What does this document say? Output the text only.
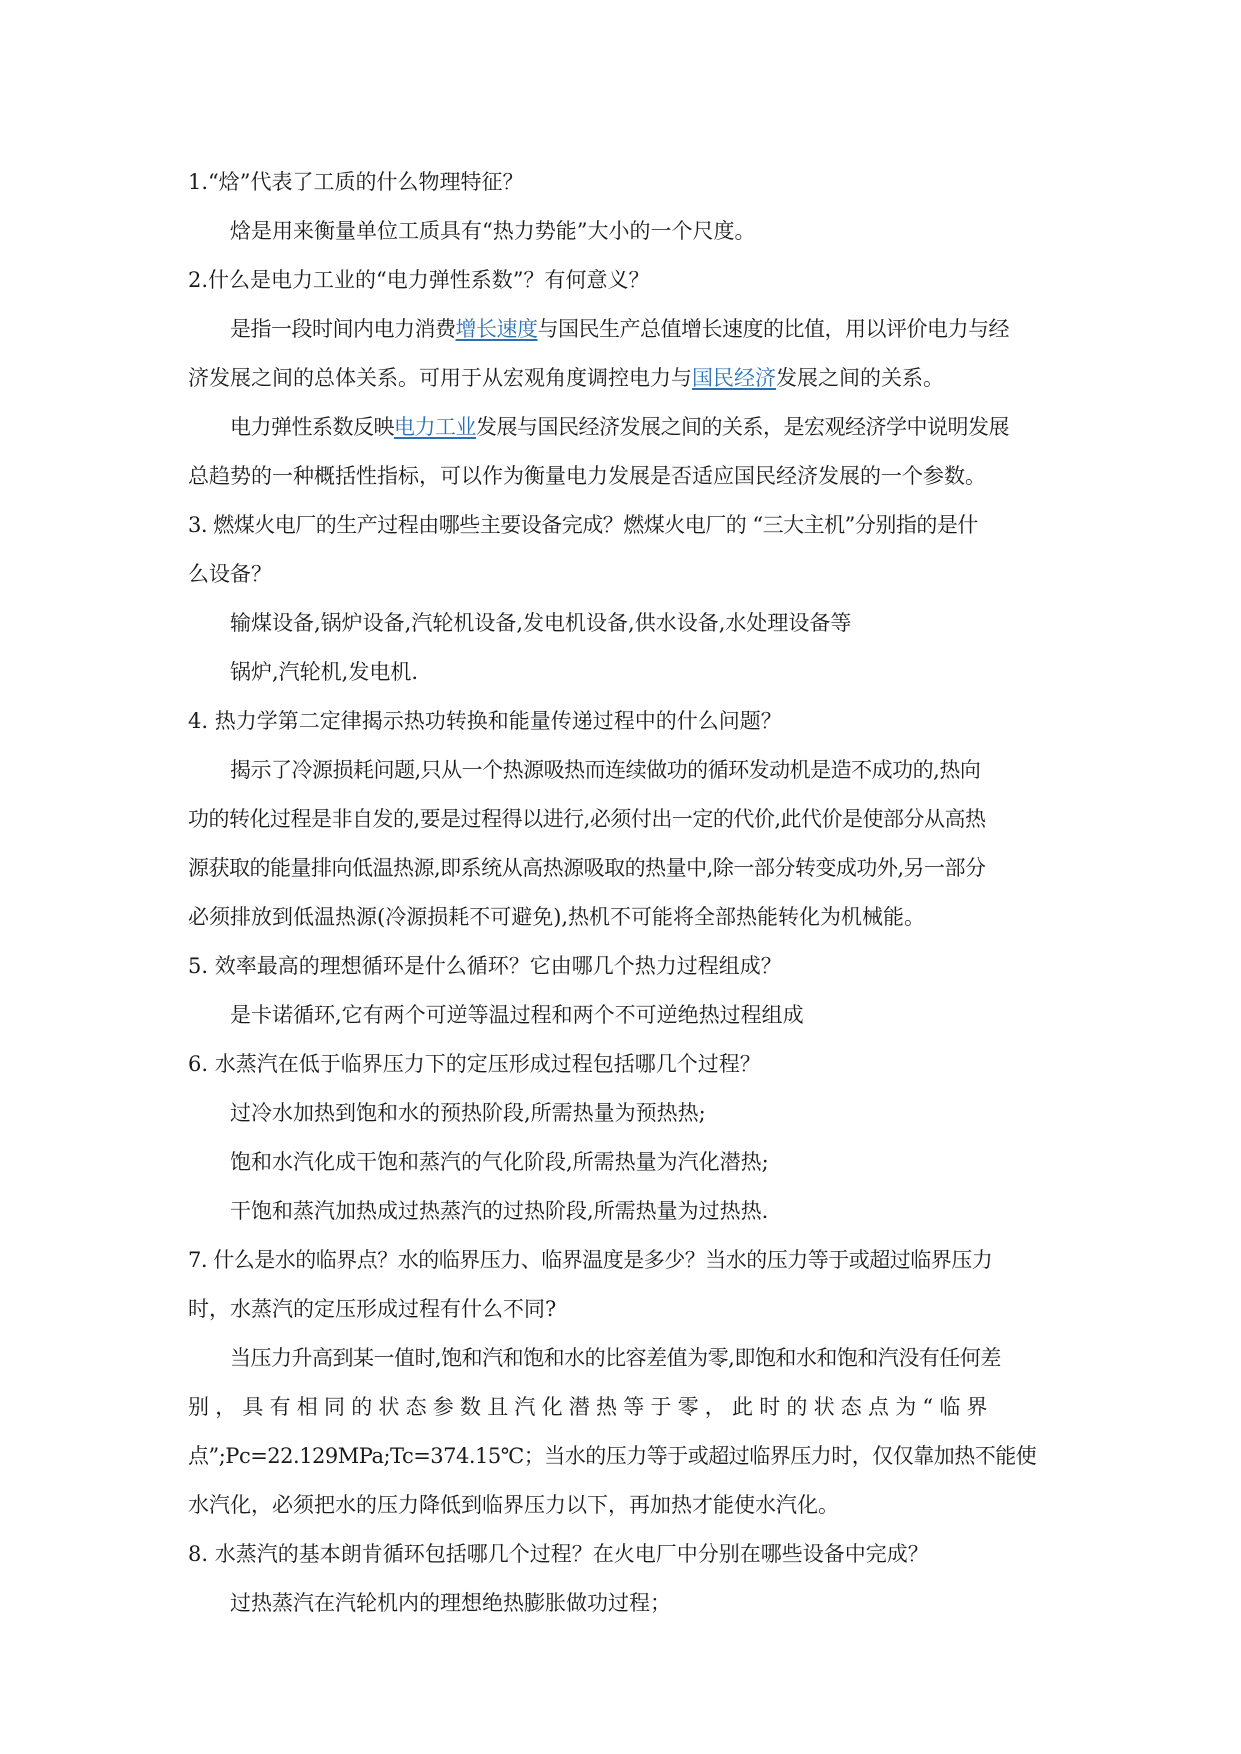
1.“焓”代表了工质的什么物理特征？
焓是用来衡量单位工质具有“热力势能”大小的一个尺度。
2.什么是电力工业的“电力弹性系数”？有何意义？
是指一段时间内电力消费增长速度与国民生产总值增长速度的比值，用以评价电力与经
济发展之间的总体关系。可用于从宏观角度调控电力与国民经济发展之间的关系。
电力弹性系数反映电力工业发展与国民经济发展之间的关系，是宏观经济学中说明发展
总趋势的一种概括性指标，可以作为衡量电力发展是否适应国民经济发展的一个参数。
3. 燃煤火电厂的生产过程由哪些主要设备完成？燃煤火电厂的 “三大主机”分别指的是什
么设备？
输煤设备,锅炉设备,汽轮机设备,发电机设备,供水设备,水处理设备等
锅炉,汽轮机,发电机.
4. 热力学第二定律揭示热功转换和能量传递过程中的什么问题？
揭示了冷源损耗问题,只从一个热源吸热而连续做功的循环发动机是造不成功的,热向
功的转化过程是非自发的,要是过程得以进行,必须付出一定的代价,此代价是使部分从高热
源获取的能量排向低温热源,即系统从高热源吸取的热量中,除一部分转变成功外,另一部分
必须排放到低温热源(冷源损耗不可避免),热机不可能将全部热能转化为机械能。
5. 效率最高的理想循环是什么循环？它由哪几个热力过程组成？
是卡诺循环,它有两个可逆等温过程和两个不可逆绝热过程组成
6. 水蒸汽在低于临界压力下的定压形成过程包括哪几个过程？
过冷水加热到饱和水的预热阶段,所需热量为预热热;
饱和水汽化成干饱和蒸汽的气化阶段,所需热量为汽化潜热;
干饱和蒸汽加热成过热蒸汽的过热阶段,所需热量为过热热.
7. 什么是水的临界点？水的临界压力、临界温度是多少？当水的压力等于或超过临界压力
时，水蒸汽的定压形成过程有什么不同?
当压力升高到某一值时,饱和汽和饱和水的比容差值为零,即饱和水和饱和汽没有任何差
别，具有相同的状态参数且汽化潜热等于零，此时的状态点为“临界
点”;Pc=22.129MPa;Tc=374.15℃；当水的压力等于或超过临界压力时，仅仅靠加热不能使
水汽化，必须把水的压力降低到临界压力以下，再加热才能使水汽化。
8. 水蒸汽的基本朗肯循环包括哪几个过程？在火电厂中分别在哪些设备中完成？
过热蒸汽在汽轮机内的理想绝热膨胀做功过程；
